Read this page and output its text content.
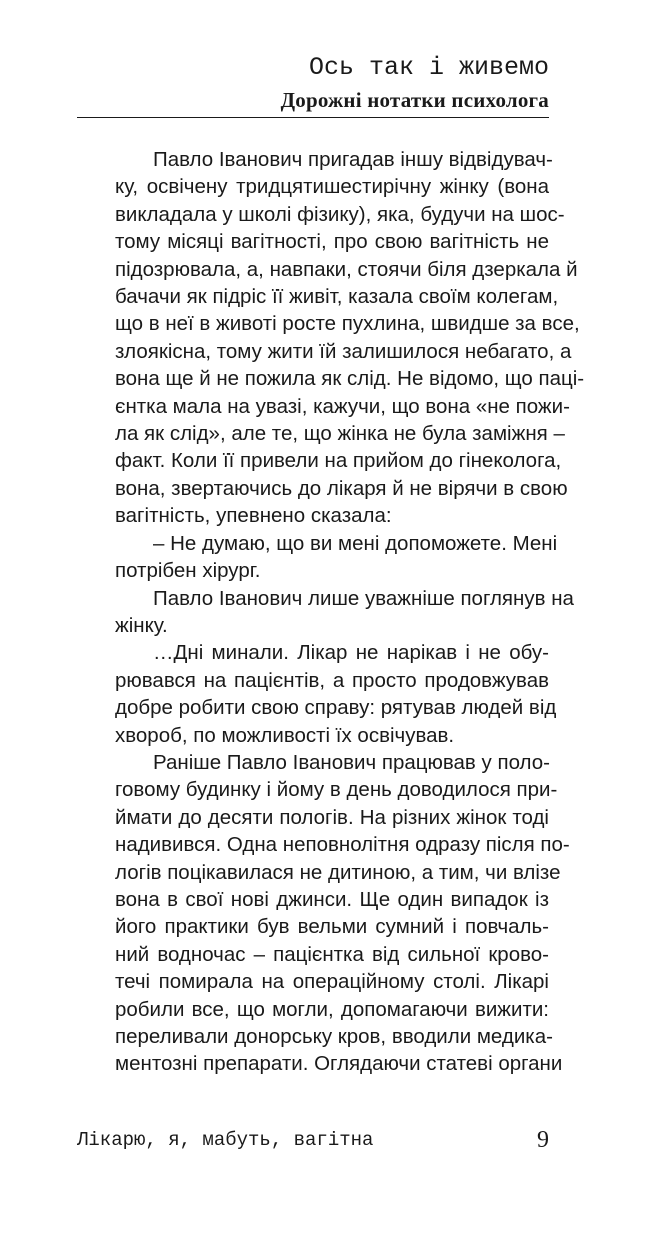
Ось так і живемо
Дорожні нотатки психолога
Павло Іванович пригадав іншу відвідувач-
ку, освічену тридцятишестирічну жінку (вона
викладала у школі фізику), яка, будучи на шос-
тому місяці вагітності, про свою вагітність не
підозрювала, а, навпаки, стоячи біля дзеркала й
бачачи як підріс її живіт, казала своїм колегам,
що в неї в животі росте пухлина, швидше за все,
злоякісна, тому жити їй залишилося небагато, а
вона ще й не пожила як слід. Не відомо, що паці-
єнтка мала на увазі, кажучи, що вона «не пожи-
ла як слід», але те, що жінка не була заміжня –
факт. Коли її привели на прийом до гінеколога,
вона, звертаючись до лікаря й не вірячи в свою
вагітність, упевнено сказала:
– Не думаю, що ви мені допоможете. Мені
потрібен хірург.
Павло Іванович лише уважніше поглянув на
жінку.
…Дні минали. Лікар не нарікав і не обу-
рювався на пацієнтів, а просто продовжував
добре робити свою справу: рятував людей від
хвороб, по можливості їх освічував.
Раніше Павло Іванович працював у поло-
говому будинку і йому в день доводилося при-
ймати до десяти пологів. На різних жінок тоді
надивився. Одна неповнолітня одразу після по-
логів поцікавилася не дитиною, а тим, чи влізе
вона в свої нові джинси. Ще один випадок із
його практики був вельми сумний і повчаль-
ний водночас – пацієнтка від сильної крово-
течі помирала на операційному столі. Лікарі
робили все, що могли, допомагаючи вижити:
переливали донорську кров, вводили медика-
ментозні препарати. Оглядаючи статеві органи
Лікарю, я, мабуть, вагітна	9
